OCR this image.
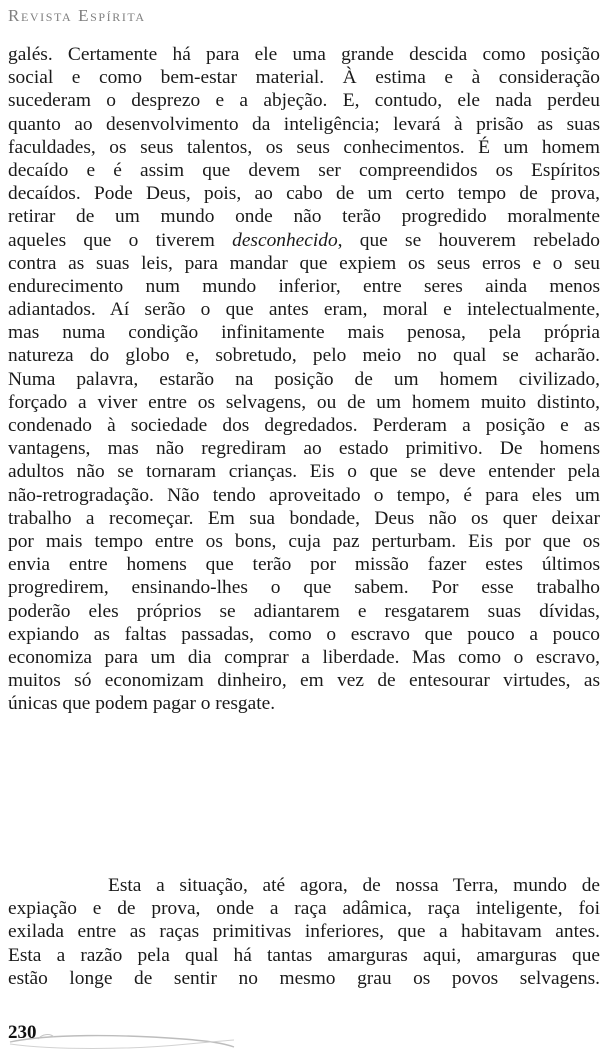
Revista Espírita
galés. Certamente há para ele uma grande descida como posição
social e como bem-estar material. À estima e à consideração
sucederam o desprezo e a abjeção. E, contudo, ele nada perdeu
quanto ao desenvolvimento da inteligência; levará à prisão as suas
faculdades, os seus talentos, os seus conhecimentos. É um homem
decaído e é assim que devem ser compreendidos os Espíritos
decaídos. Pode Deus, pois, ao cabo de um certo tempo de prova,
retirar de um mundo onde não terão progredido moralmente
aqueles que o tiverem desconhecido, que se houverem rebelado
contra as suas leis, para mandar que expiem os seus erros e o seu
endurecimento num mundo inferior, entre seres ainda menos
adiantados. Aí serão o que antes eram, moral e intelectualmente,
mas numa condição infinitamente mais penosa, pela própria
natureza do globo e, sobretudo, pelo meio no qual se acharão.
Numa palavra, estarão na posição de um homem civilizado,
forçado a viver entre os selvagens, ou de um homem muito distinto,
condenado à sociedade dos degredados. Perderam a posição e as
vantagens, mas não regrediram ao estado primitivo. De homens
adultos não se tornaram crianças. Eis o que se deve entender pela
não-retrogradação. Não tendo aproveitado o tempo, é para eles um
trabalho a recomeçar. Em sua bondade, Deus não os quer deixar
por mais tempo entre os bons, cuja paz perturbam. Eis por que os
envia entre homens que terão por missão fazer estes últimos
progredirem, ensinando-lhes o que sabem. Por esse trabalho
poderão eles próprios se adiantarem e resgatarem suas dívidas,
expiando as faltas passadas, como o escravo que pouco a pouco
economiza para um dia comprar a liberdade. Mas como o escravo,
muitos só economizam dinheiro, em vez de entesourar virtudes, as
únicas que podem pagar o resgate.
Esta a situação, até agora, de nossa Terra, mundo de
expiação e de prova, onde a raça adâmica, raça inteligente, foi
exilada entre as raças primitivas inferiores, que a habitavam antes.
Esta a razão pela qual há tantas amarguras aqui, amarguras que
estão longe de sentir no mesmo grau os povos selvagens.
230
